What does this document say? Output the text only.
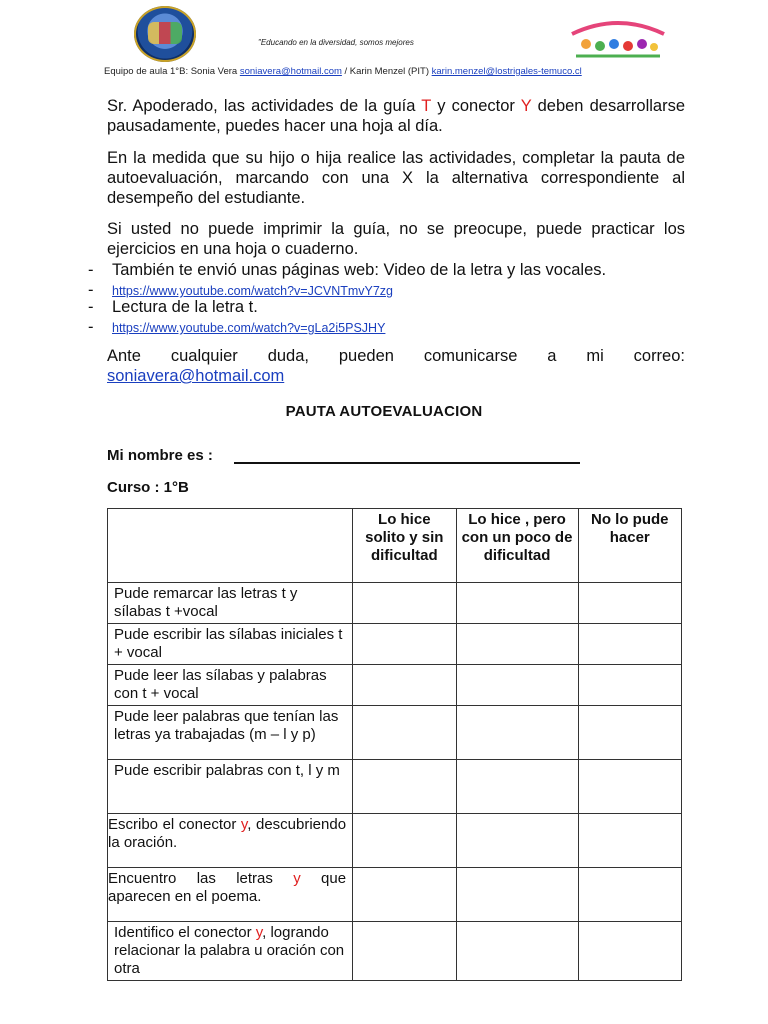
"Educando en la diversidad, somos mejores
Equipo de aula 1°B: Sonia Vera soniavera@hotmail.com / Karin Menzel (PIT) karin.menzel@lostrigales-temuco.cl
Sr. Apoderado, las actividades de la guía T y conector Y deben desarrollarse pausadamente, puedes hacer una hoja al día.
En la medida que su hijo o hija realice las actividades, completar la pauta de autoevaluación, marcando con una X la alternativa correspondiente al desempeño del estudiante.
Si usted no puede imprimir la guía, no se preocupe, puede practicar los ejercicios en una hoja o cuaderno.
- También te envió unas páginas web: Video de la letra y las vocales.
- https://www.youtube.com/watch?v=JCVNTmvY7zg
- Lectura de la letra t.
- https://www.youtube.com/watch?v=gLa2i5PSJHY
Ante cualquier duda, pueden comunicarse a mi correo: soniavera@hotmail.com
PAUTA AUTOEVALUACION
Mi nombre es :
Curso : 1°B
	Lo hice solito y sin dificultad	Lo hice , pero con un poco de dificultad	No lo pude hacer
Pude remarcar las letras t y sílabas t +vocal			
Pude escribir las sílabas iniciales t + vocal			
Pude leer las sílabas y palabras con t + vocal			
Pude leer palabras que tenían las letras ya trabajadas (m – l y p)			
Pude escribir palabras con t, l y m			
Escribo el conector y, descubriendo la oración.			
Encuentro las letras y que aparecen en el poema.			
Identifico el conector y, logrando relacionar la palabra u oración con otra			
